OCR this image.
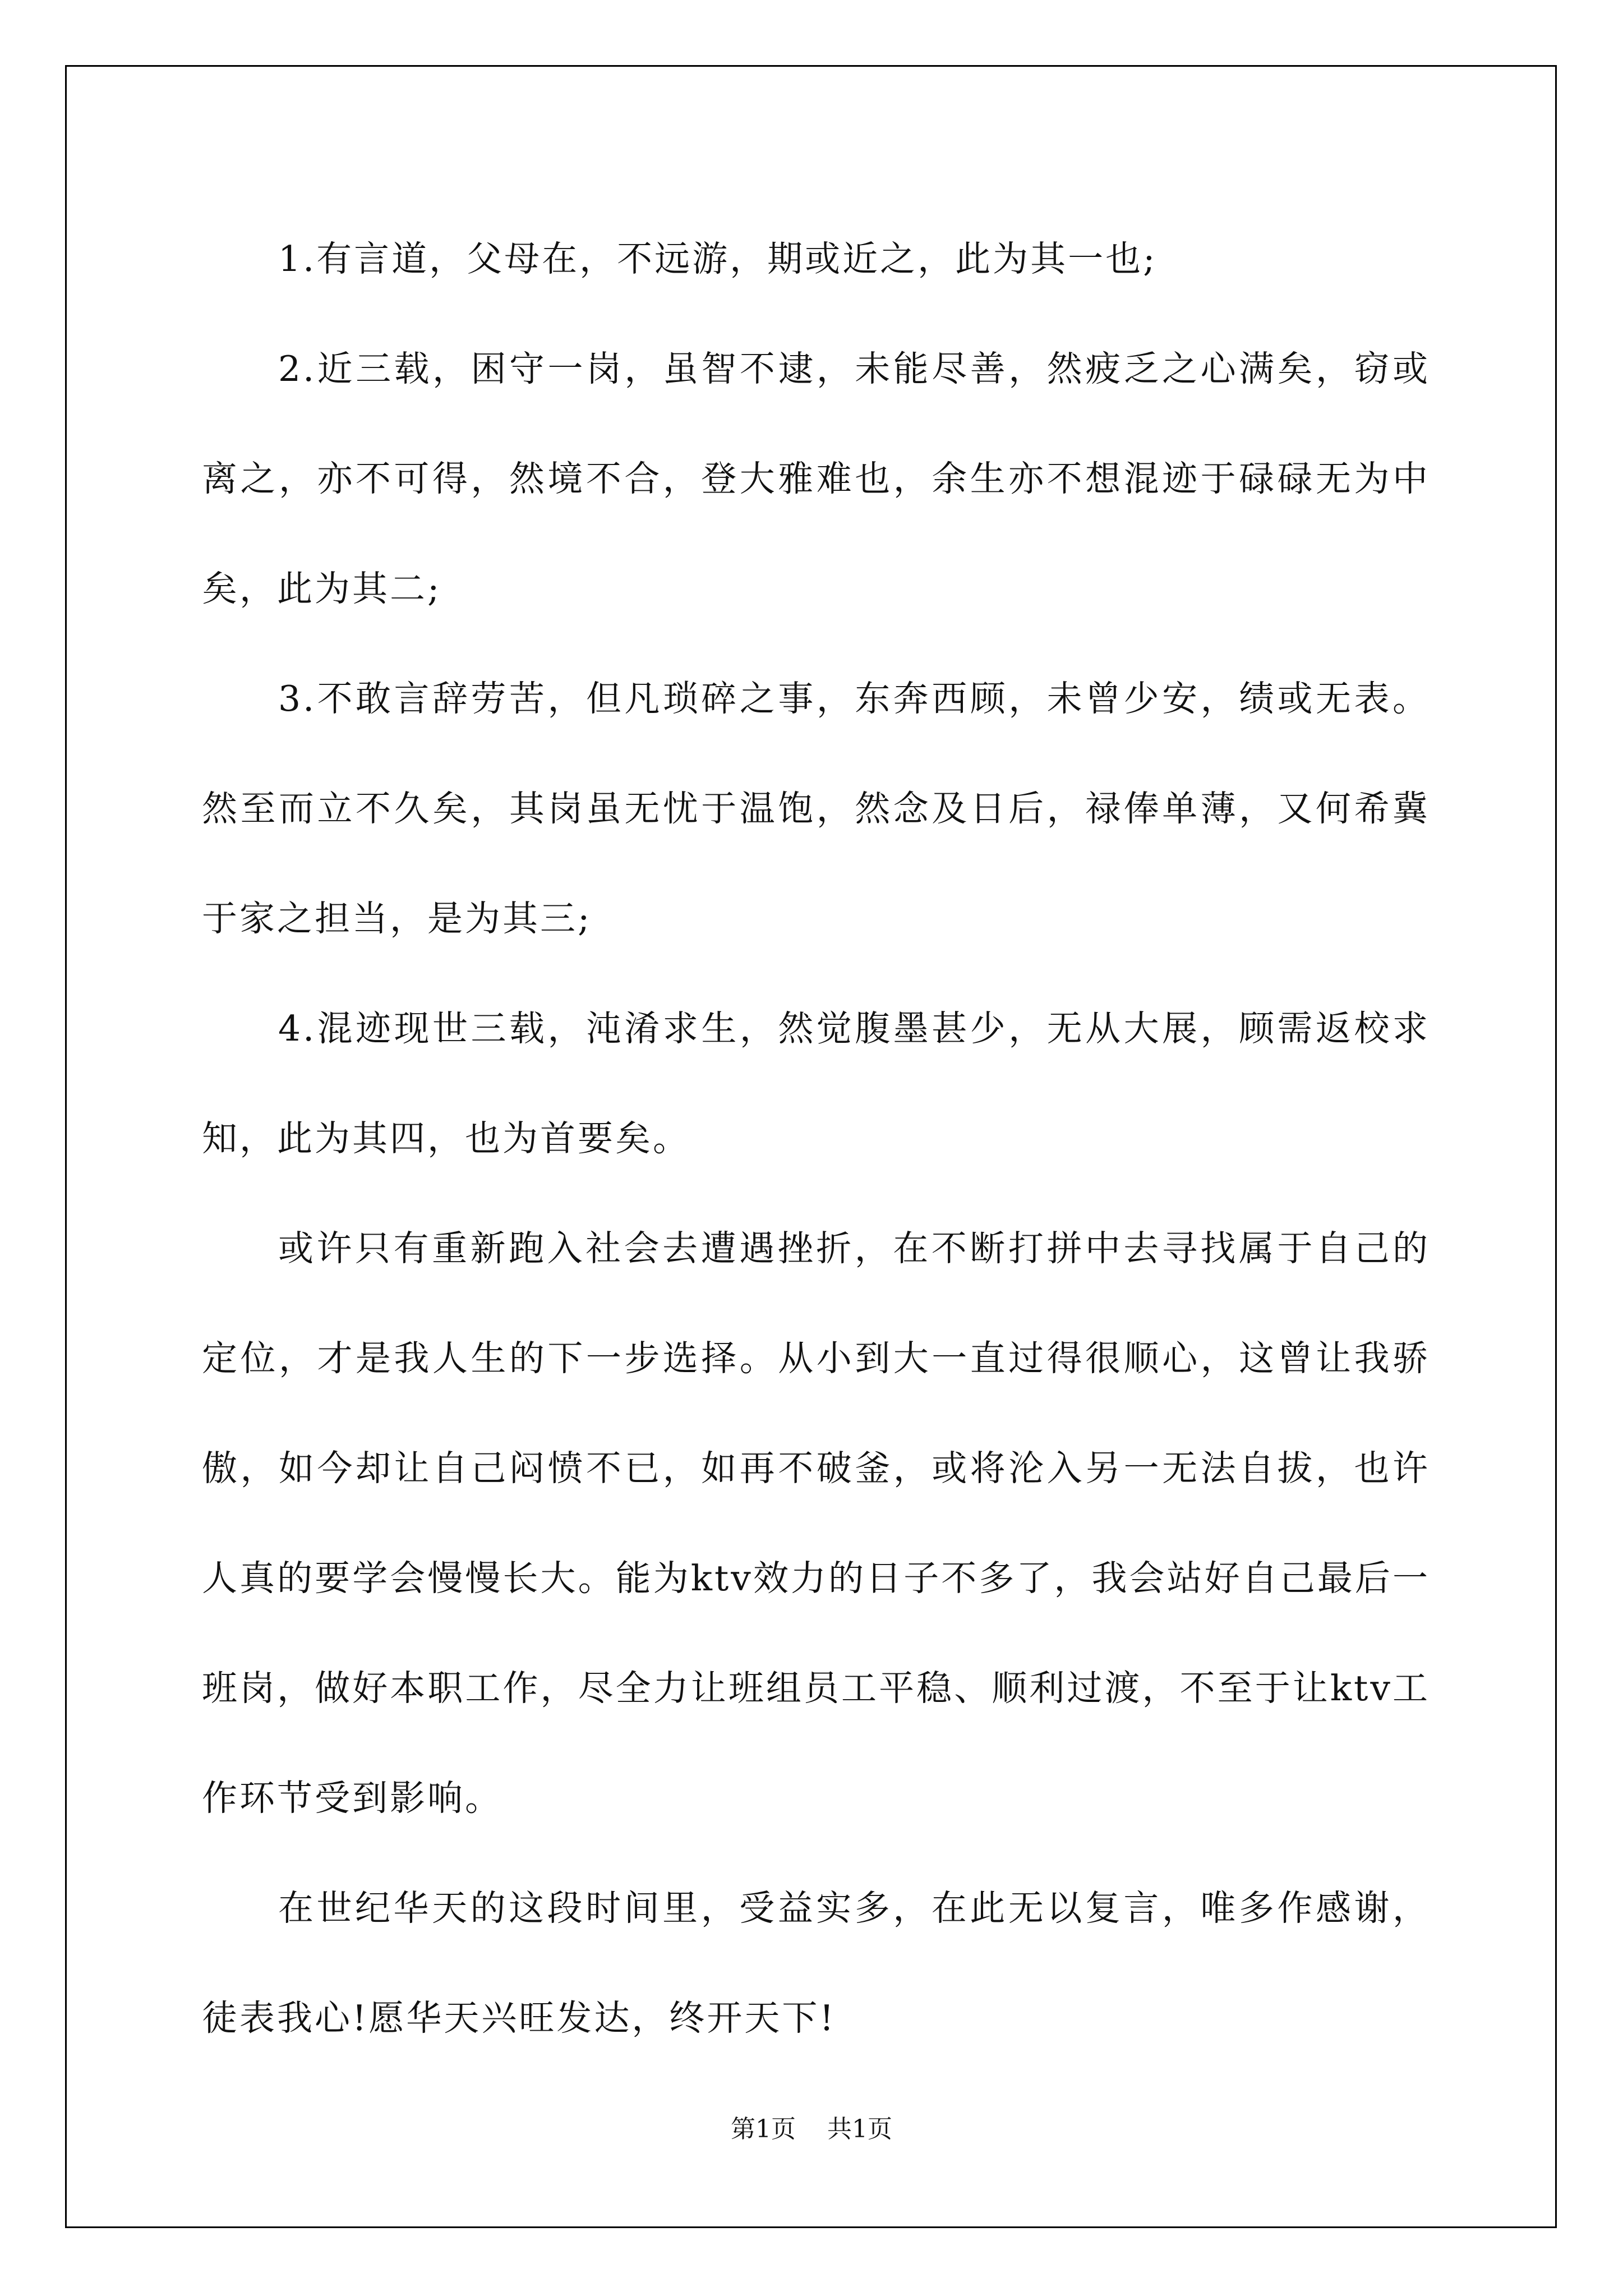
1.有言道，父母在，不远游，期或近之，此为其一也;

2.近三载，困守一岗，虽智不逮，未能尽善，然疲乏之心满矣，窃或离之，亦不可得，然境不合，登大雅难也，余生亦不想混迹于碌碌无为中矣，此为其二;

3.不敢言辞劳苦，但凡琐碎之事，东奔西顾，未曾少安，绩或无表。然至而立不久矣，其岗虽无忧于温饱，然念及日后，禄俸单薄，又何希冀于家之担当，是为其三;

4.混迹现世三载，沌淆求生，然觉腹墨甚少，无从大展，顾需返校求知，此为其四，也为首要矣。

或许只有重新跑入社会去遭遇挫折，在不断打拼中去寻找属于自己的定位，才是我人生的下一步选择。从小到大一直过得很顺心，这曾让我骄傲，如今却让自己闷愤不已，如再不破釜，或将沦入另一无法自拔，也许人真的要学会慢慢长大。能为ktv效力的日子不多了，我会站好自己最后一班岗，做好本职工作，尽全力让班组员工平稳、顺利过渡，不至于让ktv工作环节受到影响。

在世纪华天的这段时间里，受益实多，在此无以复言，唯多作感谢，徒表我心!愿华天兴旺发达，终开天下!

第1页 共1页
